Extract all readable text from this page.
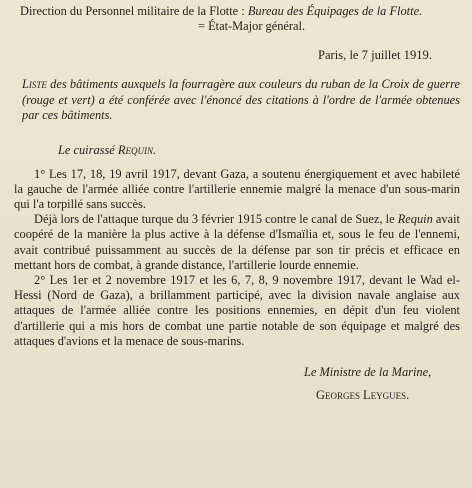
Direction du Personnel militaire de la Flotte : Bureau des Équipages de la Flotte.
= État-Major général.
Paris, le 7 juillet 1919.
Liste des bâtiments auxquels la fourragère aux couleurs du ruban de la Croix de guerre (rouge et vert) a été conférée avec l'énoncé des citations à l'ordre de l'armée obtenues par ces bâtiments.
Le cuirassé Requin.

1° Les 17, 18, 19 avril 1917, devant Gaza, a soutenu énergiquement et avec habileté la gauche de l'armée alliée contre l'artillerie ennemie malgré la menace d'un sous-marin qui l'a torpillé sans succès.

Déjà lors de l'attaque turque du 3 février 1915 contre le canal de Suez, le Requin avait coopéré de la manière la plus active à la défense d'Ismaïlia et, sous le feu de l'ennemi, avait contribué puissamment au succès de la défense par son tir précis et efficace en mettant hors de combat, à grande distance, l'artillerie lourde ennemie.

2° Les 1er et 2 novembre 1917 et les 6, 7, 8, 9 novembre 1917, devant le Wad el-Hessi (Nord de Gaza), a brillamment participé, avec la division navale anglaise aux attaques de l'armée alliée contre les positions ennemies, en dépit d'un feu violent d'artillerie qui a mis hors de combat une partie notable de son équipage et malgré des attaques d'avions et la menace de sous-marins.

Le Ministre de la Marine,
Georges Leygues.
